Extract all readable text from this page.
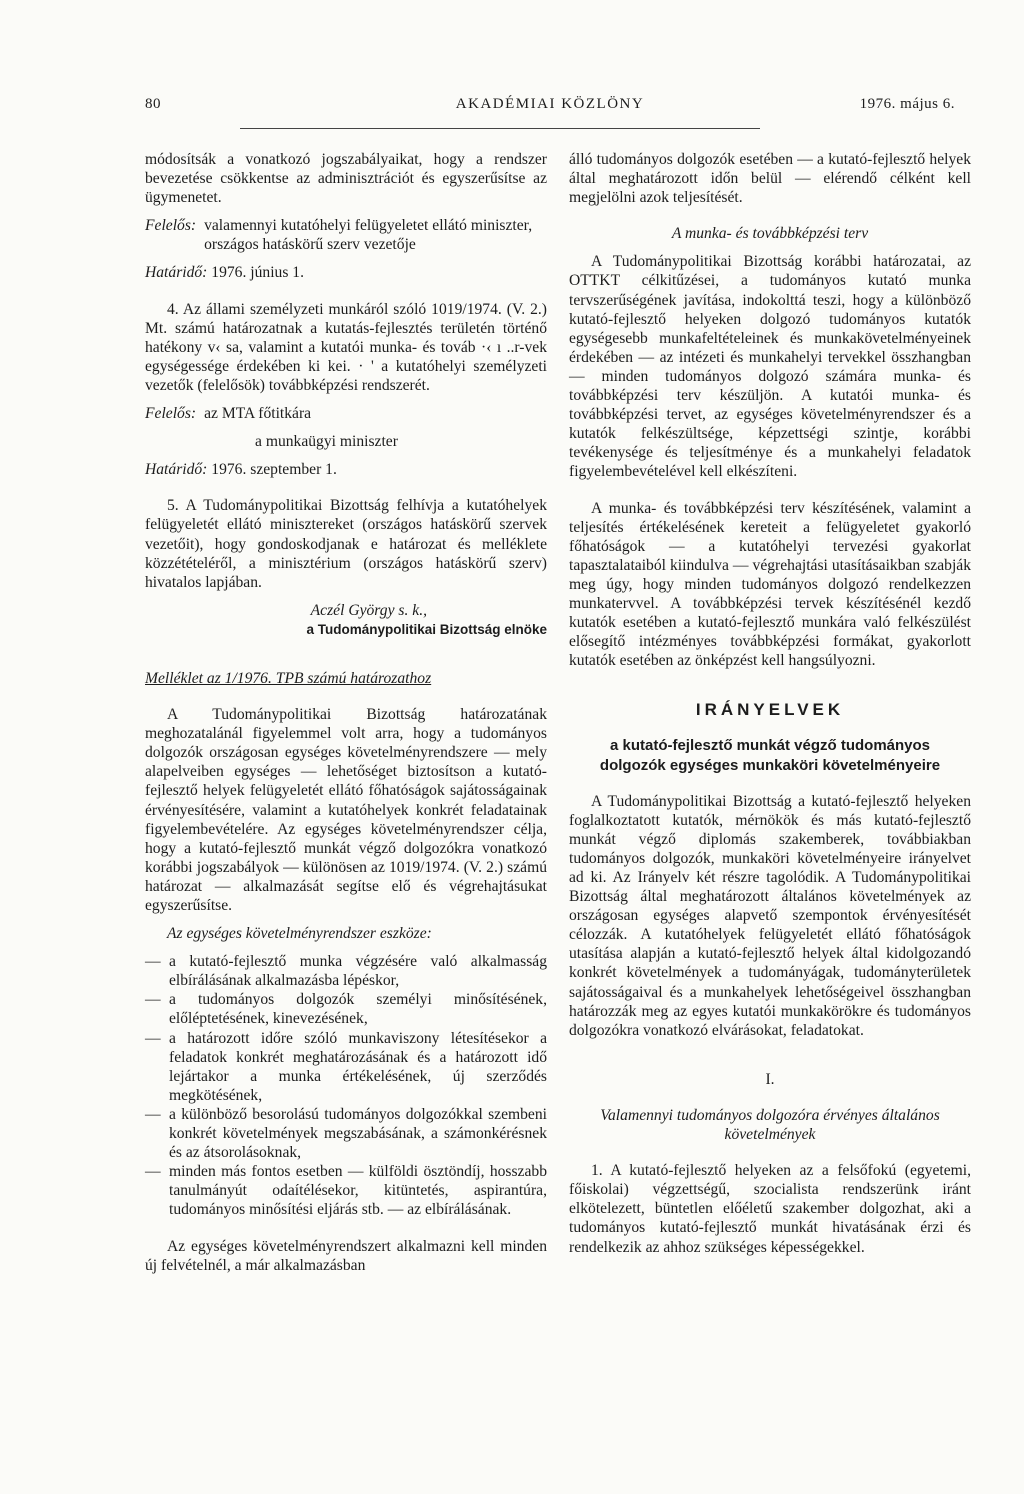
80	AKADÉMIAI KÖZLÖNY	1976. május 6.

módosítsák a vonatkozó jogszabályaikat, hogy a rendszer bevezetése csökkentse az adminisztrációt és egyszerűsítse az ügymenetet.

Felelős: valamennyi kutatóhelyi felügyeletet ellátó miniszter, országos hatáskörű szerv vezetője

Határidő: 1976. június 1.

4. Az állami személyzeti munkáról szóló 1019/1974. (V. 2.) Mt. számú határozatnak a kutatás-fejlesztés területén történő hatékony v‹ sa, valamint a kutatói munka- és továb ·‹ ı ..r-vek egységessége érdekében ki kei. · ' a kutatóhelyi személyzeti vezetők (felelősök) továbbképzési rendszerét.

Felelős: az MTA főtitkára

a munkaügyi miniszter

Határidő: 1976. szeptember 1.

5. A Tudománypolitikai Bizottság felhívja a kutatóhelyek felügyeletét ellátó minisztereket (országos hatáskörű szervek vezetőit), hogy gondoskodjanak e határozat és melléklete közzétételéről, a minisztérium (országos hatáskörű szerv) hivatalos lapjában.

Aczél György s. k.,

a Tudománypolitikai Bizottság elnöke

Melléklet az 1/1976. TPB számú határozathoz

A Tudománypolitikai Bizottság határozatának meghozatalánál figyelemmel volt arra, hogy a tudományos dolgozók országosan egységes követelményrendszere — mely alapelveiben egységes — lehetőséget biztosítson a kutató-fejlesztő helyek felügyeletét ellátó főhatóságok sajátosságainak érvényesítésére, valamint a kutatóhelyek konkrét feladatainak figyelembevételére. Az egységes követelményrendszer célja, hogy a kutató-fejlesztő munkát végző dolgozókra vonatkozó korábbi jogszabályok — különösen az 1019/1974. (V. 2.) számú határozat — alkalmazását segítse elő és végrehajtásukat egyszerűsítse.

Az egységes követelményrendszer eszköze:

— a kutató-fejlesztő munka végzésére való alkalmasság elbírálásának alkalmazásba lépéskor,
— a tudományos dolgozók személyi minősítésének, előléptetésének, kinevezésének,
— a határozott időre szóló munkaviszony létesítésekor a feladatok konkrét meghatározásának és a határozott idő lejártakor a munka értékelésének, új szerződés megkötésének,
— a különböző besorolású tudományos dolgozókkal szembeni konkrét követelmények megszabásának, a számonkérésnek és az átsorolásoknak,
— minden más fontos esetben — külföldi ösztöndíj, hosszabb tanulmányút odaítélésekor, kitüntetés, aspirantúra, tudományos minősítési eljárás stb. — az elbírálásának.

Az egységes követelményrendszert alkalmazni kell minden új felvételnél, a már alkalmazásban

álló tudományos dolgozók esetében — a kutató-fejlesztő helyek által meghatározott időn belül — elérendő célként kell megjelölni azok teljesítését.

A munka- és továbbképzési terv

A Tudománypolitikai Bizottság korábbi határozatai, az OTTKT célkitűzései, a tudományos kutató munka tervszerűségének javítása, indokolttá teszi, hogy a különböző kutató-fejlesztő helyeken dolgozó tudományos kutatók egységesebb munkafeltételeinek és munkakövetelményeinek érdekében — az intézeti és munkahelyi tervekkel összhangban — minden tudományos dolgozó számára munka- és továbbképzési terv készüljön. A kutatói munka- és továbbképzési tervet, az egységes követelményrendszer és a kutatók felkészültsége, képzettségi szintje, korábbi tevékenysége és teljesítménye és a munkahelyi feladatok figyelembevételével kell elkészíteni.

A munka- és továbbképzési terv készítésének, valamint a teljesítés értékelésének kereteit a felügyeletet gyakorló főhatóságok — a kutatóhelyi tervezési gyakorlat tapasztalataiból kiindulva — végrehajtási utasításaikban szabják meg úgy, hogy minden tudományos dolgozó rendelkezzen munkatervvel. A továbbképzési tervek készítésénél kezdő kutatók esetében a kutató-fejlesztő munkára való felkészülést elősegítő intézményes továbbképzési formákat, gyakorlott kutatók esetében az önképzést kell hangsúlyozni.

IRÁNYELVEK

a kutató-fejlesztő munkát végző tudományos dolgozók egységes munkaköri követelményeire

A Tudománypolitikai Bizottság a kutató-fejlesztő helyeken foglalkoztatott kutatók, mérnökök és más kutató-fejlesztő munkát végző diplomás szakemberek, továbbiakban tudományos dolgozók, munkaköri követelményeire irányelvet ad ki. Az Irányelv két részre tagolódik. A Tudománypolitikai Bizottság által meghatározott általános követelmények az országosan egységes alapvető szempontok érvényesítését célozzák. A kutatóhelyek felügyeletét ellátó főhatóságok utasítása alapján a kutató-fejlesztő helyek által kidolgozandó konkrét követelmények a tudományágak, tudományterületek sajátosságaival és a munkahelyek lehetőségeivel összhangban határozzák meg az egyes kutatói munkakörökre és tudományos dolgozókra vonatkozó elvárásokat, feladatokat.

I.

Valamennyi tudományos dolgozóra érvényes általános követelmények

1. A kutató-fejlesztő helyeken az a felsőfokú (egyetemi, főiskolai) végzettségű, szocialista rendszerünk iránt elkötelezett, büntetlen előéletű szakember dolgozhat, aki a tudományos kutató-fejlesztő munkát hivatásának érzi és rendelkezik az ahhoz szükséges képességekkel.
